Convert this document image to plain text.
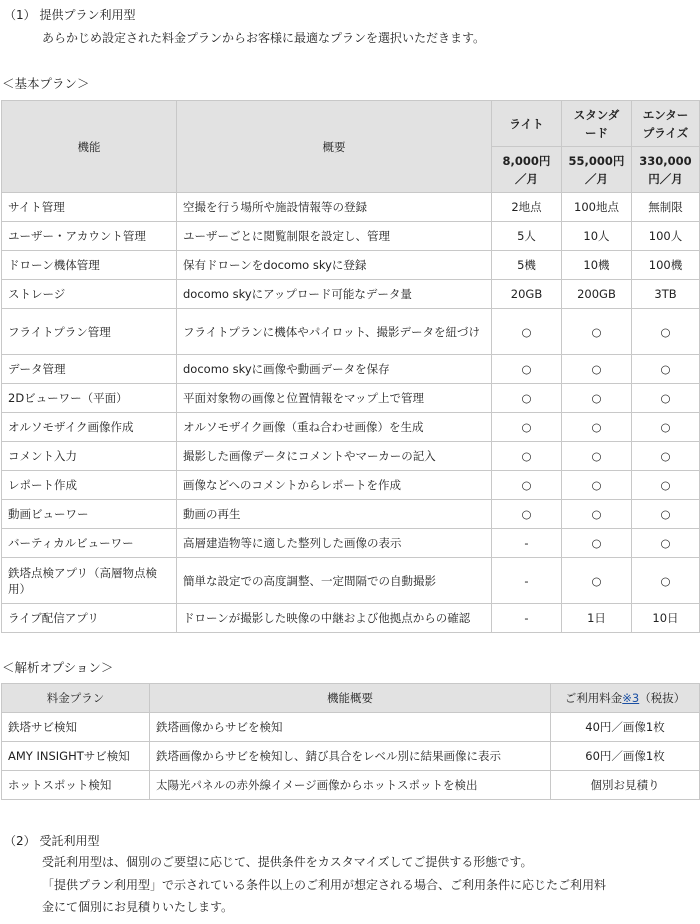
（1） 提供プラン利用型
あらかじめ設定された料金プランからお客様に最適なプランを選択いただきます。
＜基本プラン＞
機能	概要	ライト	スタンダード	エンタープライズ
		8,000円／月	55,000円／月	330,000円／月
サイト管理	空撮を行う場所や施設情報等の登録	2地点	100地点	無制限
ユーザー・アカウント管理	ユーザーごとに閲覧制限を設定し、管理	5人	10人	100人
ドローン機体管理	保有ドローンをdocomo skyに登録	5機	10機	100機
ストレージ	docomo skyにアップロード可能なデータ量	20GB	200GB	3TB
フライトプラン管理	フライトプランに機体やパイロット、撮影データを紐づけ	○	○	○
データ管理	docomo skyに画像や動画データを保存	○	○	○
2Dビューワー（平面）	平面対象物の画像と位置情報をマップ上で管理	○	○	○
オルソモザイク画像作成	オルソモザイク画像（重ね合わせ画像）を生成	○	○	○
コメント入力	撮影した画像データにコメントやマーカーの記入	○	○	○
レポート作成	画像などへのコメントからレポートを作成	○	○	○
動画ビューワー	動画の再生	○	○	○
バーティカルビューワー	高層建造物等に適した整列した画像の表示	-	○	○
鉄塔点検アプリ（高層物点検用）	簡単な設定での高度調整、一定間隔での自動撮影	-	○	○
ライブ配信アプリ	ドローンが撮影した映像の中継および他拠点からの確認	-	1日	10日
＜解析オプション＞
料金プラン	機能概要	ご利用料金※3（税抜）
鉄塔サビ検知	鉄塔画像からサビを検知	40円／画像1枚
AMY INSIGHTサビ検知	鉄塔画像からサビを検知し、錆び具合をレベル別に結果画像に表示	60円／画像1枚
ホットスポット検知	太陽光パネルの赤外線イメージ画像からホットスポットを検出	個別お見積り
（2） 受託利用型
受託利用型は、個別のご要望に応じて、提供条件をカスタマイズしてご提供する形態です。
「提供プラン利用型」で示されている条件以上のご利用が想定される場合、ご利用条件に応じたご利用料
金にて個別にお見積りいたします。
